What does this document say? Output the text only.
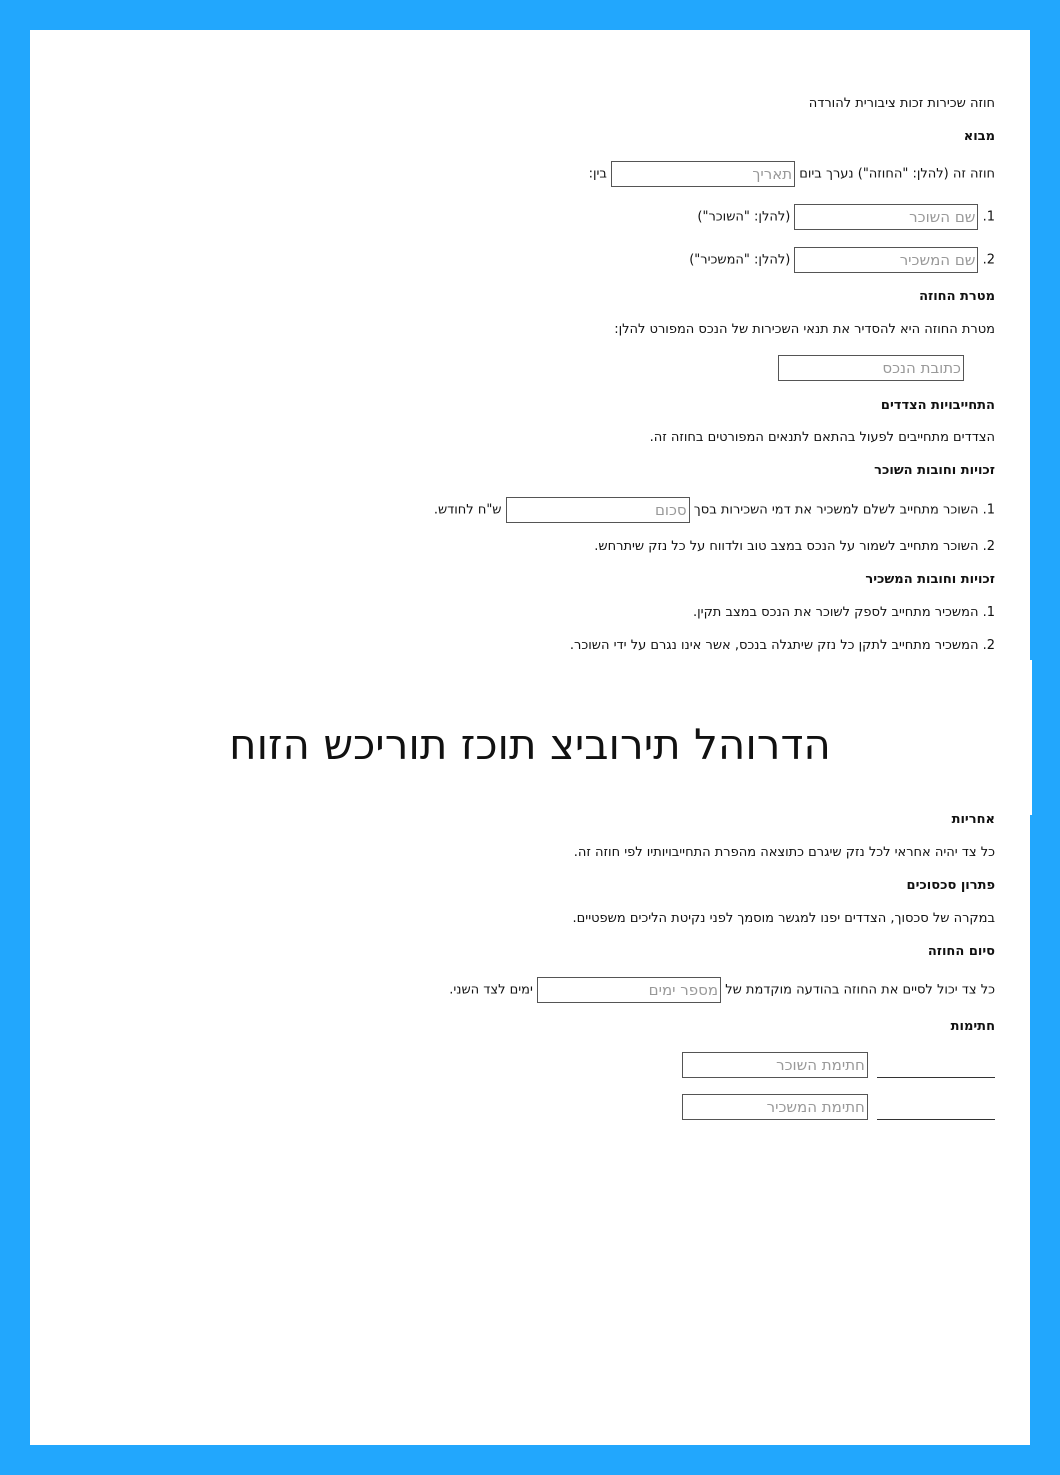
חוזה שכירות זכות ציבורית להורדה
מבוא
חוזה זה (להלן: "החוזה") נערך ביום תאריך בין:
1. שם השוכר (להלן: "השוכר")
2. שם המשכיר (להלן: "המשכיר")
מטרת החוזה
מטרת החוזה היא להסדיר את תנאי השכירות של הנכס המפורט להלן:
כתובת הנכס
התחייבויות הצדדים
הצדדים מתחייבים לפעול בהתאם לתנאים המפורטים בחוזה זה.
זכויות וחובות השוכר
1. השוכר מתחייב לשלם למשכיר את דמי השכירות בסך סכום ש"ח לחודש.
2. השוכר מתחייב לשמור על הנכס במצב טוב ולדווח על כל נזק שיתרחש.
זכויות וחובות המשכיר
1. המשכיר מתחייב לספק לשוכר את הנכס במצב תקין.
2. המשכיר מתחייב לתקן כל נזק שיתגלה בנכס, אשר אינו נגרם על ידי השוכר.
הדרוהל תירוביצ תוכז תוריכש הזוח
אחריות
כל צד יהיה אחראי לכל נזק שיגרם כתוצאה מהפרת התחייבויותיו לפי חוזה זה.
פתרון סכסוכים
במקרה של סכסוך, הצדדים יפנו למגשר מוסמך לפני נקיטת הליכים משפטיים.
סיום החוזה
כל צד יכול לסיים את החוזה בהודעה מוקדמת של מספר ימים ימים לצד השני.
חתימות
חתימת השוכר
חתימת המשכיר
